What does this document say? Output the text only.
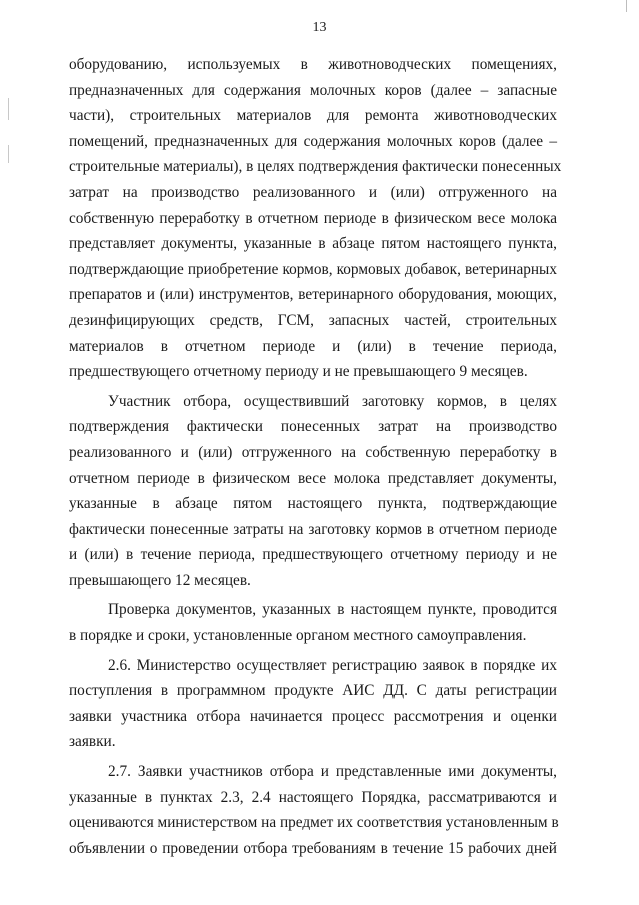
13
оборудованию, используемых в животноводческих помещениях,
предназначенных для содержания молочных коров (далее – запасные
части), строительных материалов для ремонта животноводческих
помещений, предназначенных для содержания молочных коров (далее –
строительные материалы), в целях подтверждения фактически понесенных
затрат на производство реализованного и (или) отгруженного на
собственную переработку в отчетном периоде в физическом весе молока
представляет документы, указанные в абзаце пятом настоящего пункта,
подтверждающие приобретение кормов, кормовых добавок, ветеринарных
препаратов и (или) инструментов, ветеринарного оборудования, моющих,
дезинфицирующих средств, ГСМ, запасных частей, строительных
материалов в отчетном периоде и (или) в течение периода,
предшествующего отчетному периоду и не превышающего 9 месяцев.
Участник отбора, осуществивший заготовку кормов, в целях
подтверждения фактически понесенных затрат на производство
реализованного и (или) отгруженного на собственную переработку в
отчетном периоде в физическом весе молока представляет документы,
указанные в абзаце пятом настоящего пункта, подтверждающие
фактически понесенные затраты на заготовку кормов в отчетном периоде
и (или) в течение периода, предшествующего отчетному периоду и не
превышающего 12 месяцев.
Проверка документов, указанных в настоящем пункте, проводится
в порядке и сроки, установленные органом местного самоуправления.
2.6. Министерство осуществляет регистрацию заявок в порядке их
поступления в программном продукте АИС ДД. С даты регистрации
заявки участника отбора начинается процесс рассмотрения и оценки
заявки.
2.7. Заявки участников отбора и представленные ими документы,
указанные в пунктах 2.3, 2.4 настоящего Порядка, рассматриваются и
оцениваются министерством на предмет их соответствия установленным в
объявлении о проведении отбора требованиям в течение 15 рабочих дней
